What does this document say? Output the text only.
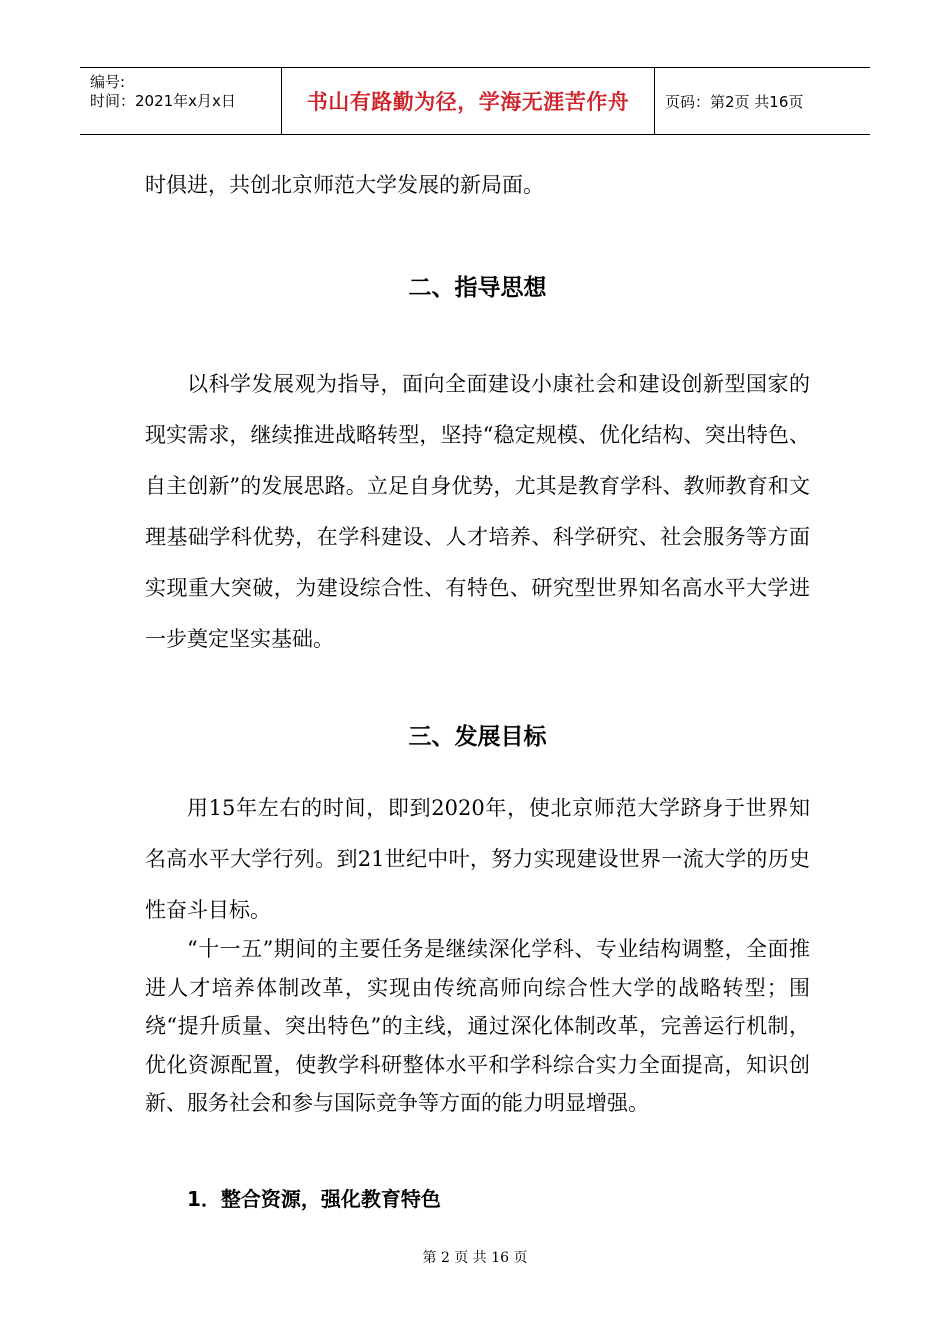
编号:
时间：2021年x月x日	书山有路勤为径，学海无涯苦作舟 页码：第2页 共16页
时俱进，共创北京师范大学发展的新局面。
二、指导思想
以科学发展观为指导，面向全面建设小康社会和建设创新型国家的现实需求，继续推进战略转型，坚持“稳定规模、优化结构、突出特色、自主创新”的发展思路。立足自身优势，尤其是教育学科、教师教育和文理基础学科优势，在学科建设、人才培养、科学研究、社会服务等方面实现重大突破，为建设综合性、有特色、研究型世界知名高水平大学进一步奠定坚实基础。
三、发展目标
用15年左右的时间，即到2020年，使北京师范大学跻身于世界知名高水平大学行列。到21世纪中叶，努力实现建设世界一流大学的历史性奋斗目标。
“十一五”期间的主要任务是继续深化学科、专业结构调整，全面推进人才培养体制改革，实现由传统高师向综合性大学的战略转型；围绕“提升质量、突出特色”的主线，通过深化体制改革，完善运行机制，优化资源配置，使教学科研整体水平和学科综合实力全面提高，知识创新、服务社会和参与国际竞争等方面的能力明显增强。
1．整合资源，强化教育特色
第 2 页 共 16 页
